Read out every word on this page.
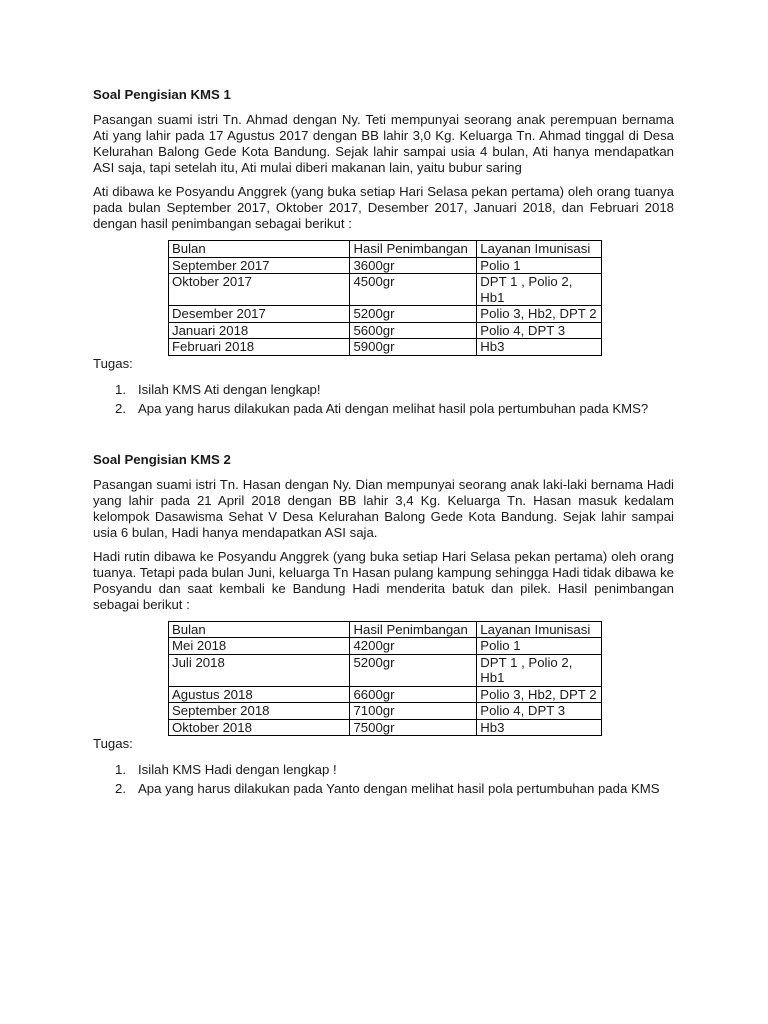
Soal Pengisian KMS 1

Pasangan suami istri Tn. Ahmad dengan Ny. Teti mempunyai seorang anak perempuan bernama Ati yang lahir pada 17 Agustus 2017 dengan BB lahir 3,0 Kg. Keluarga Tn. Ahmad tinggal di Desa Kelurahan Balong Gede Kota Bandung. Sejak lahir sampai usia 4 bulan, Ati hanya mendapatkan ASI saja, tapi setelah itu, Ati mulai diberi makanan lain, yaitu bubur saring

Ati dibawa ke Posyandu Anggrek (yang buka setiap Hari Selasa pekan pertama) oleh orang tuanya pada bulan September 2017, Oktober 2017, Desember 2017, Januari 2018, dan Februari 2018 dengan hasil penimbangan sebagai berikut :

Bulan	Hasil Penimbangan	Layanan Imunisasi
September 2017	3600gr	Polio 1
Oktober 2017	4500gr	DPT 1 , Polio 2, Hb1
Desember 2017	5200gr	Polio 3, Hb2, DPT 2
Januari 2018	5600gr	Polio 4, DPT 3
Februari 2018	5900gr	Hb3
Tugas:
1. Isilah KMS Ati dengan lengkap!
2. Apa yang harus dilakukan pada Ati dengan melihat hasil pola pertumbuhan pada KMS?
Soal Pengisian KMS 2

Pasangan suami istri Tn. Hasan dengan Ny. Dian mempunyai seorang anak laki-laki bernama Hadi yang lahir pada 21 April 2018 dengan BB lahir 3,4 Kg. Keluarga Tn. Hasan masuk kedalam kelompok Dasawisma Sehat V Desa Kelurahan Balong Gede Kota Bandung. Sejak lahir sampai usia 6 bulan, Hadi hanya mendapatkan ASI saja.

Hadi rutin dibawa ke Posyandu Anggrek (yang buka setiap Hari Selasa pekan pertama) oleh orang tuanya. Tetapi pada bulan Juni, keluarga Tn Hasan pulang kampung sehingga Hadi tidak dibawa ke Posyandu dan saat kembali ke Bandung Hadi menderita batuk dan pilek. Hasil penimbangan sebagai berikut :

Bulan	Hasil Penimbangan	Layanan Imunisasi
Mei 2018	4200gr	Polio 1
Juli 2018	5200gr	DPT 1 , Polio 2, Hb1
Agustus 2018	6600gr	Polio 3, Hb2, DPT 2
September 2018	7100gr	Polio 4, DPT 3
Oktober 2018	7500gr	Hb3
Tugas:
1. Isilah KMS Hadi dengan lengkap !
2. Apa yang harus dilakukan pada Yanto dengan melihat hasil pola pertumbuhan pada KMS
